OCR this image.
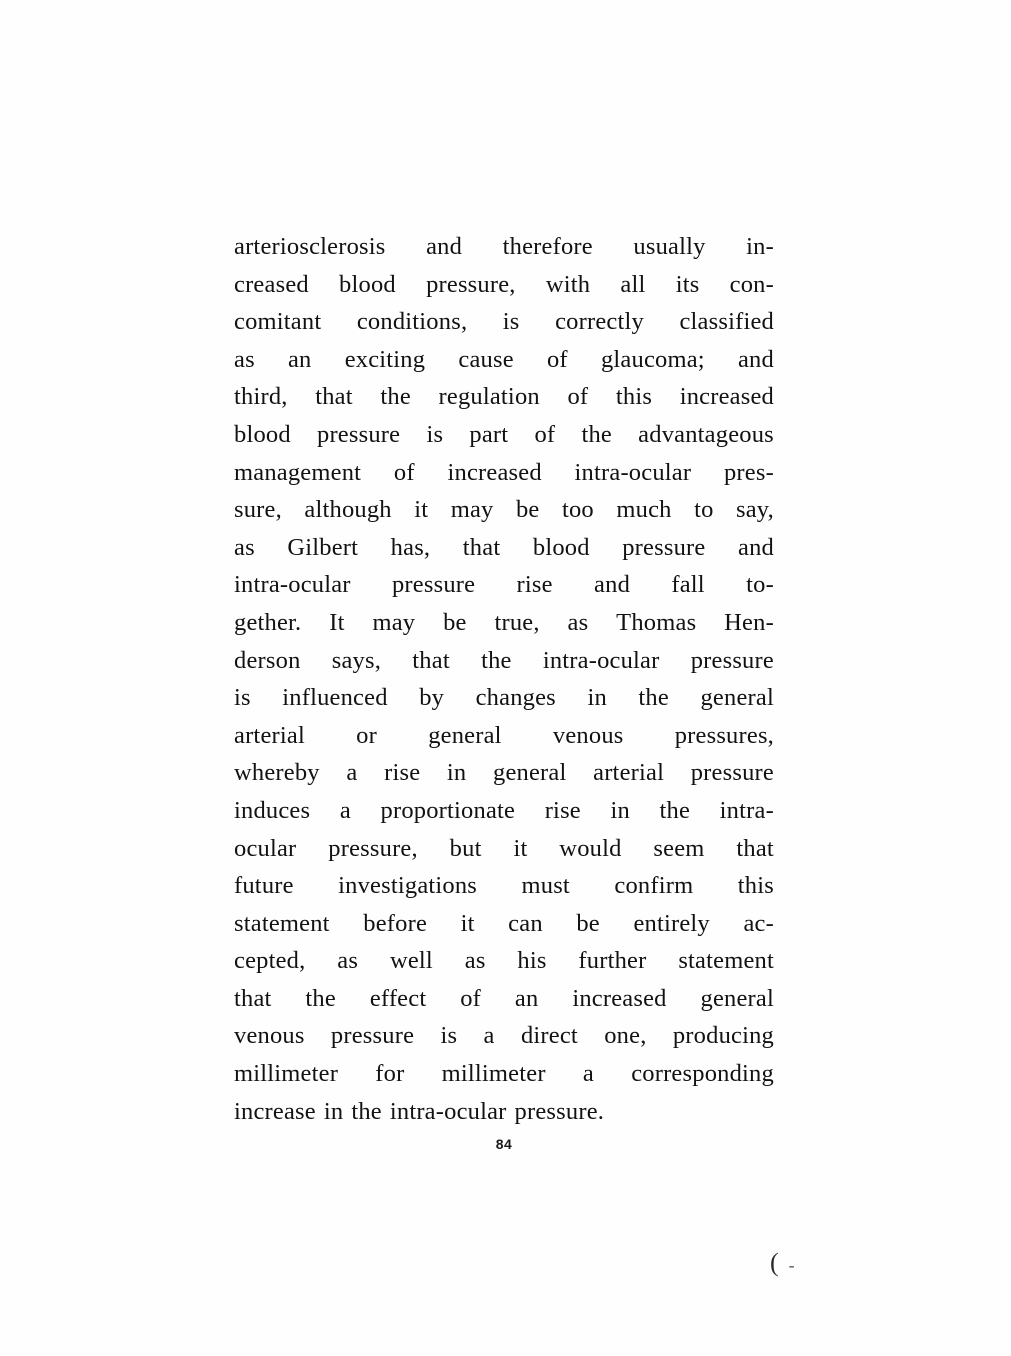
arteriosclerosis and therefore usually in-
creased blood pressure, with all its con-
comitant conditions, is correctly classified
as an exciting cause of glaucoma; and
third, that the regulation of this increased
blood pressure is part of the advantageous
management of increased intra-ocular pres-
sure, although it may be too much to say,
as Gilbert has, that blood pressure and
intra-ocular pressure rise and fall to-
gether. It may be true, as Thomas Hen-
derson says, that the intra-ocular pressure
is influenced by changes in the general
arterial or general venous pressures,
whereby a rise in general arterial pressure
induces a proportionate rise in the intra-
ocular pressure, but it would seem that
future investigations must confirm this
statement before it can be entirely ac-
cepted, as well as his further statement
that the effect of an increased general
venous pressure is a direct one, producing
millimeter for millimeter a corresponding
increase in the intra-ocular pressure.
84
( -
